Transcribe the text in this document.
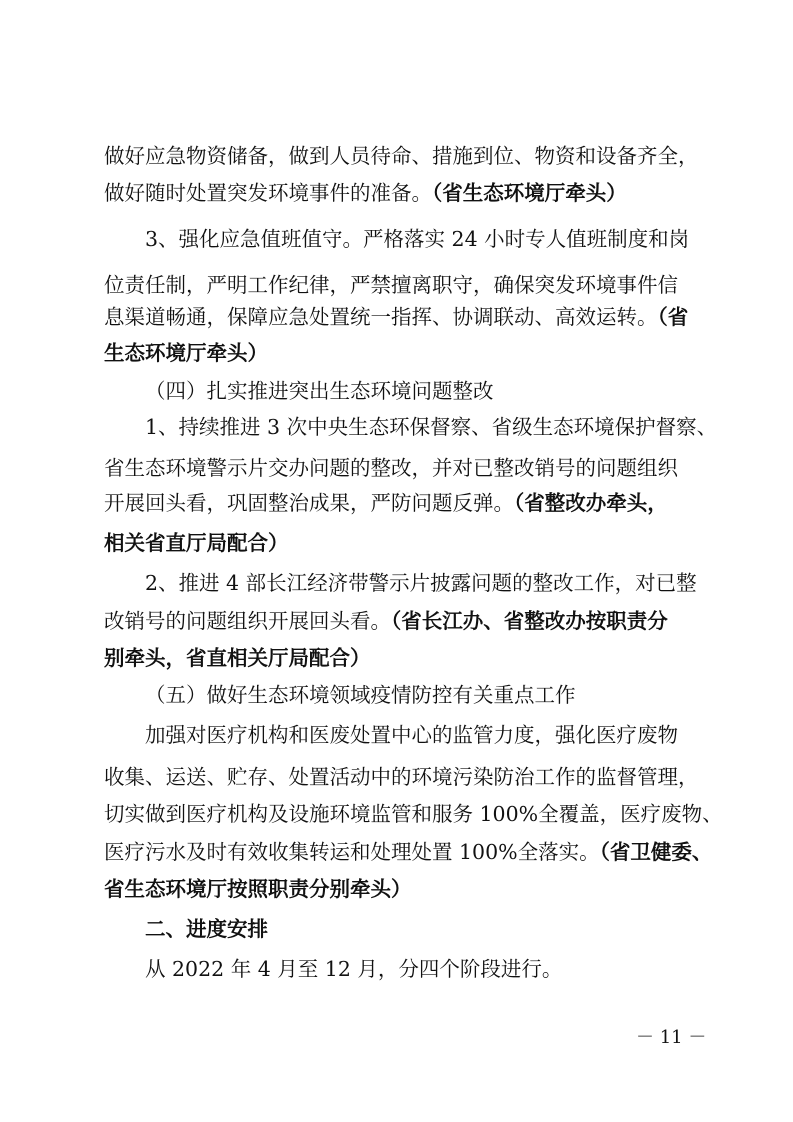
做好应急物资储备，做到人员待命、措施到位、物资和设备齐全，
做好随时处置突发环境事件的准备。（省生态环境厅牵头）
3、强化应急值班值守。严格落实 24 小时专人值班制度和岗
位责任制，严明工作纪律，严禁擅离职守，确保突发环境事件信
息渠道畅通，保障应急处置统一指挥、协调联动、高效运转。（省
生态环境厅牵头）
（四）扎实推进突出生态环境问题整改
1、持续推进 3 次中央生态环保督察、省级生态环境保护督察、
省生态环境警示片交办问题的整改，并对已整改销号的问题组织
开展回头看，巩固整治成果，严防问题反弹。（省整改办牵头，
相关省直厅局配合）
2、推进 4 部长江经济带警示片披露问题的整改工作，对已整
改销号的问题组织开展回头看。（省长江办、省整改办按职责分
别牵头，省直相关厅局配合）
（五）做好生态环境领域疫情防控有关重点工作
加强对医疗机构和医废处置中心的监管力度，强化医疗废物
收集、运送、贮存、处置活动中的环境污染防治工作的监督管理，
切实做到医疗机构及设施环境监管和服务 100%全覆盖，医疗废物、
医疗污水及时有效收集转运和处理处置 100%全落实。（省卫健委、
省生态环境厅按照职责分别牵头）
二、进度安排
从 2022 年 4 月至 12 月，分四个阶段进行。
－ 11 －
